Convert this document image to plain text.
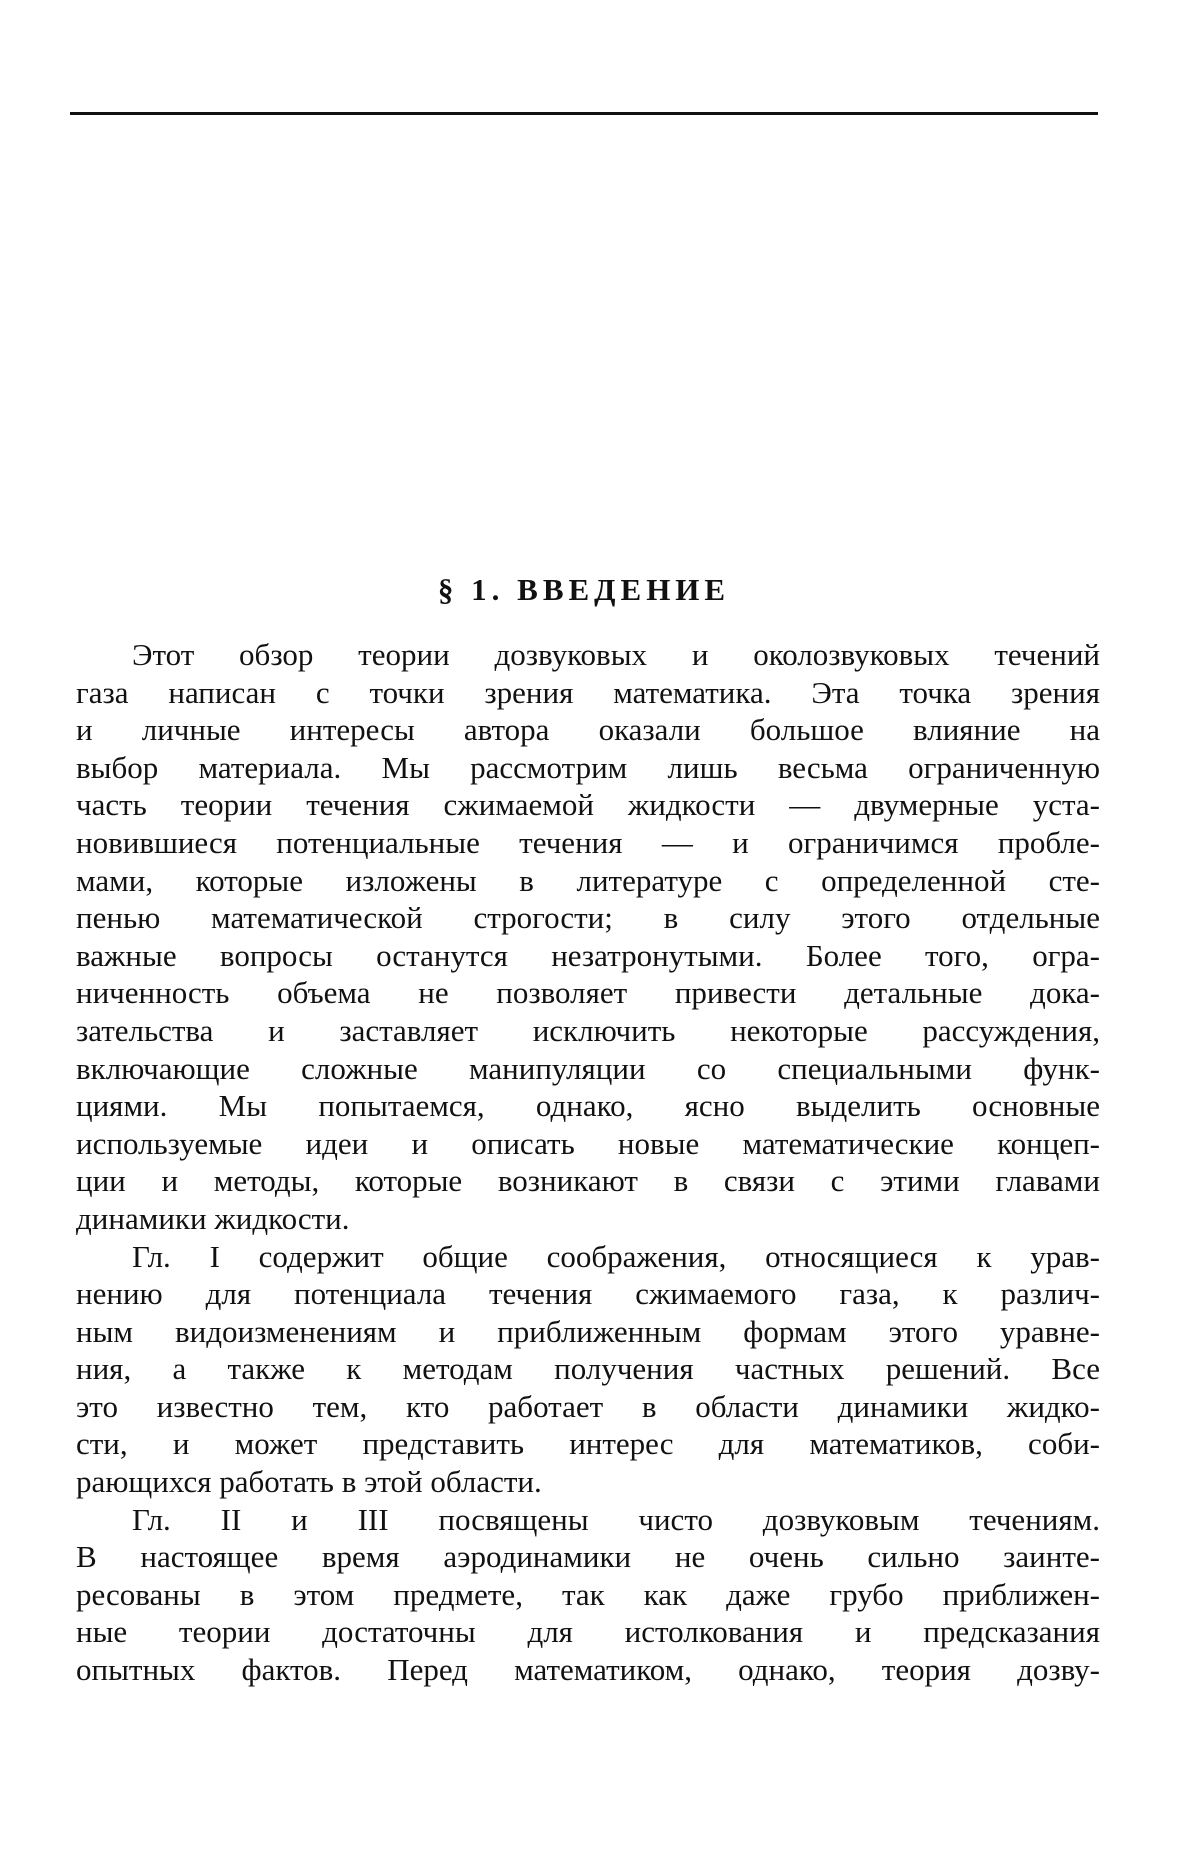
§ 1. ВВЕДЕНИЕ
Этот обзор теории дозвуковых и околозвуковых течений
газа написан с точки зрения математика. Эта точка зрения
и личные интересы автора оказали большое влияние на
выбор материала. Мы рассмотрим лишь весьма ограниченную
часть теории течения сжимаемой жидкости — двумерные уста-
новившиеся потенциальные течения — и ограничимся пробле-
мами, которые изложены в литературе с определенной сте-
пенью математической строгости; в силу этого отдельные
важные вопросы останутся незатронутыми. Более того, огра-
ниченность объема не позволяет привести детальные дока-
зательства и заставляет исключить некоторые рассуждения,
включающие сложные манипуляции со специальными функ-
циями. Мы попытаемся, однако, ясно выделить основные
используемые идеи и описать новые математические концеп-
ции и методы, которые возникают в связи с этими главами
динамики жидкости.
Гл. I содержит общие соображения, относящиеся к урав-
нению для потенциала течения сжимаемого газа, к различ-
ным видоизменениям и приближенным формам этого уравне-
ния, а также к методам получения частных решений. Все
это известно тем, кто работает в области динамики жидко-
сти, и может представить интерес для математиков, соби-
рающихся работать в этой области.
Гл. II и III посвящены чисто дозвуковым течениям.
В настоящее время аэродинамики не очень сильно заинте-
ресованы в этом предмете, так как даже грубо приближен-
ные теории достаточны для истолкования и предсказания
опытных фактов. Перед математиком, однако, теория дозву-
